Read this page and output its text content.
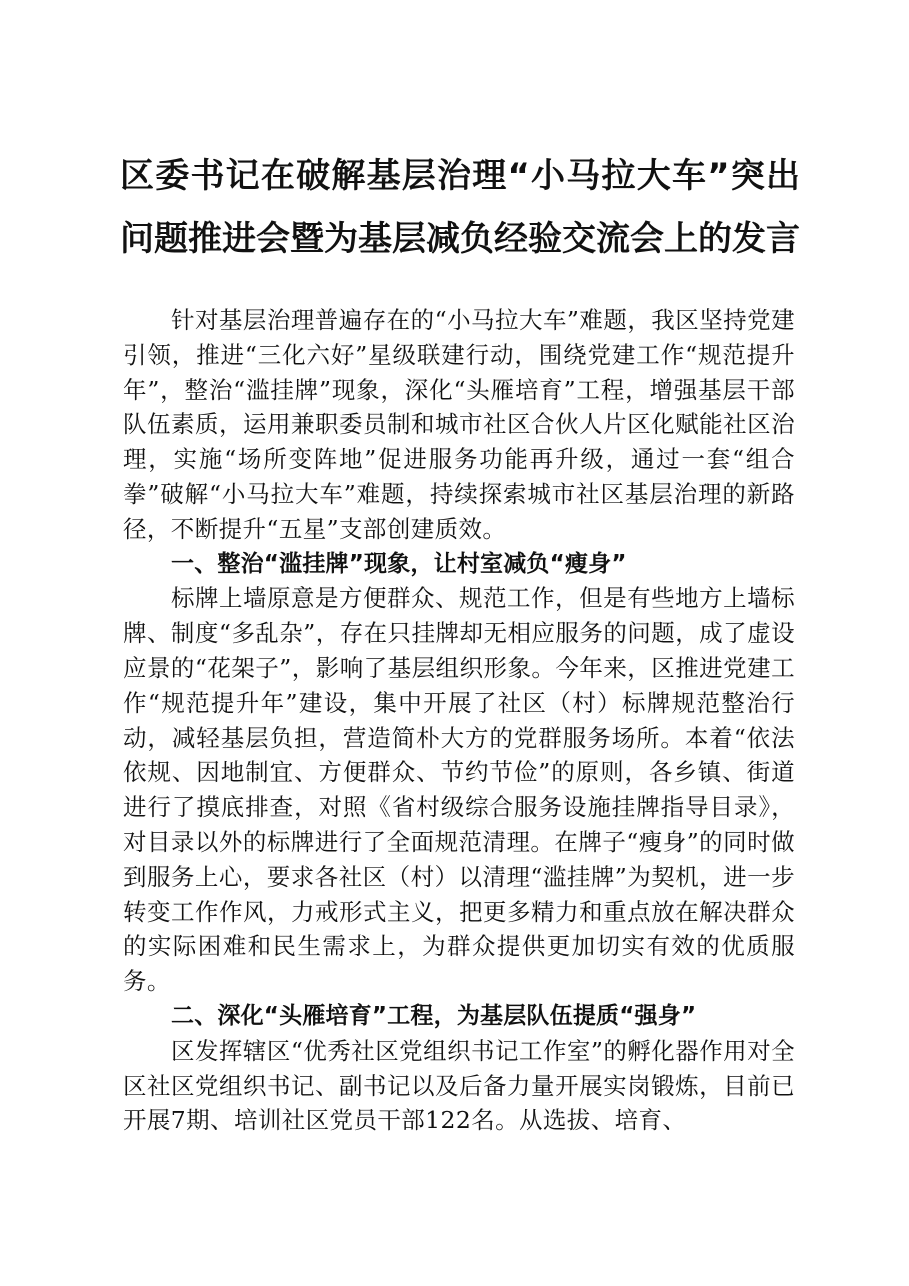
区委书记在破解基层治理“小马拉大车”突出
问题推进会暨为基层减负经验交流会上的发言

针对基层治理普遍存在的“小马拉大车”难题，我区坚持党建引领，推进“三化六好”星级联建行动，围绕党建工作“规范提升年”，整治“滥挂牌”现象，深化“头雁培育”工程，增强基层干部队伍素质，运用兼职委员制和城市社区合伙人片区化赋能社区治理，实施“场所变阵地”促进服务功能再升级，通过一套“组合拳”破解“小马拉大车”难题，持续探索城市社区基层治理的新路径，不断提升“五星”支部创建质效。

一、整治“滥挂牌”现象，让村室减负“瘦身”

标牌上墙原意是方便群众、规范工作，但是有些地方上墙标牌、制度“多乱杂”，存在只挂牌却无相应服务的问题，成了虚设应景的“花架子”，影响了基层组织形象。今年来，区推进党建工作“规范提升年”建设，集中开展了社区（村）标牌规范整治行动，减轻基层负担，营造简朴大方的党群服务场所。本着“依法依规、因地制宜、方便群众、节约节俭”的原则，各乡镇、街道进行了摸底排查，对照《省村级综合服务设施挂牌指导目录》，对目录以外的标牌进行了全面规范清理。在牌子“瘦身”的同时做到服务上心，要求各社区（村）以清理“滥挂牌”为契机，进一步转变工作作风，力戒形式主义，把更多精力和重点放在解决群众的实际困难和民生需求上，为群众提供更加切实有效的优质服务。

二、深化“头雁培育”工程，为基层队伍提质“强身”

区发挥辖区“优秀社区党组织书记工作室”的孵化器作用对全区社区党组织书记、副书记以及后备力量开展实岗锻炼，目前已开展7期、培训社区党员干部122名。从选拔、培育、
